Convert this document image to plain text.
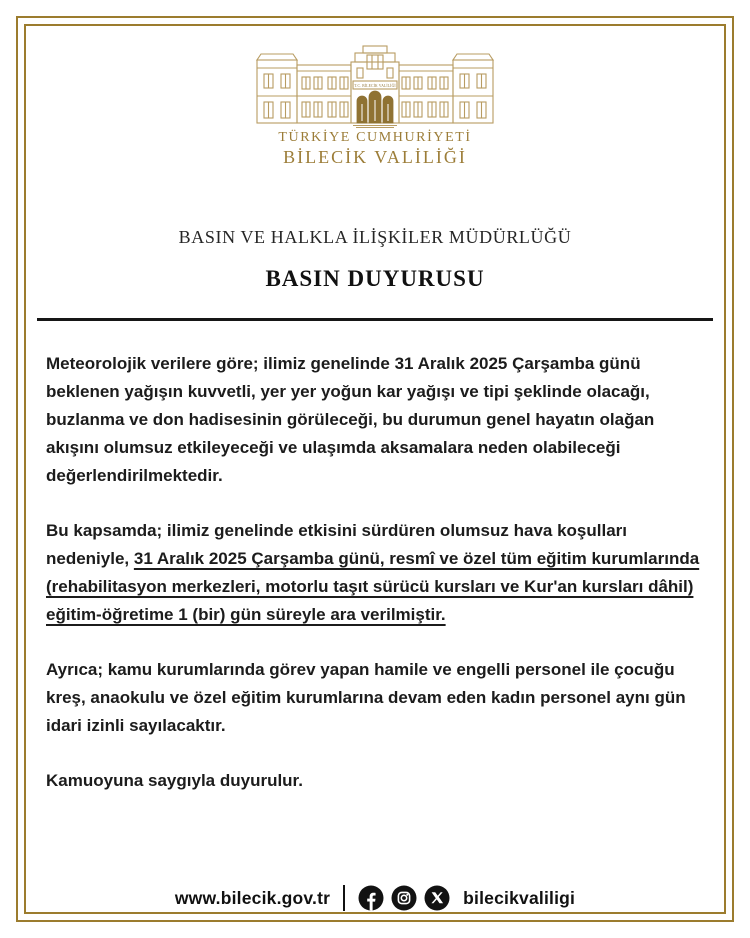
T.C. BİLECİK VALİLİĞİ
TÜRKİYE CUMHURİYETİ
BİLECİK VALİLİĞİ
BASIN VE HALKLA İLİŞKİLER MÜDÜRLÜĞÜ
BASIN DUYURUSU

Meteorolojik verilere göre; ilimiz genelinde 31 Aralık 2025 Çarşamba günü beklenen yağışın kuvvetli, yer yer yoğun kar yağışı ve tipi şeklinde olacağı, buzlanma ve don hadisesinin görüleceği, bu durumun genel hayatın olağan akışını olumsuz etkileyeceği ve ulaşımda aksamalara neden olabileceği değerlendirilmektedir.

Bu kapsamda; ilimiz genelinde etkisini sürdüren olumsuz hava koşulları nedeniyle, 31 Aralık 2025 Çarşamba günü, resmî ve özel tüm eğitim kurumlarında (rehabilitasyon merkezleri, motorlu taşıt sürücü kursları ve Kur'an kursları dâhil) eğitim-öğretime 1 (bir) gün süreyle ara verilmiştir.

Ayrıca; kamu kurumlarında görev yapan hamile ve engelli personel ile çocuğu kreş, anaokulu ve özel eğitim kurumlarına devam eden kadın personel aynı gün idari izinli sayılacaktır.

Kamuoyuna saygıyla duyurulur.

www.bilecik.gov.tr	bilecikvaliligi
